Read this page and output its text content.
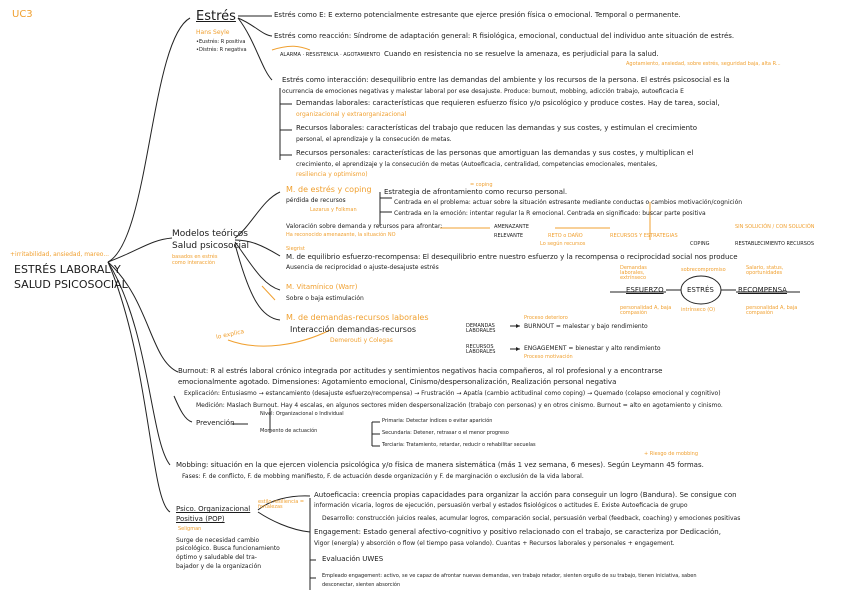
UC3
+irritabilidad, ansiedad, mareo...
ESTRÉS LABORAL Y
SALUD PSICOSOCIAL
Estrés
Hans Seyle
•Eustrés: R positiva
•Distrés: R negativa
Estrés como E: E externo potencialmente estresante que ejerce presión física o emocional. Temporal o permanente.
Estrés como reacción: Síndrome de adaptación general: R fisiológica, emocional, conductual del individuo ante situación de estrés.
ALARMA · RESISTENCIA · AGOTAMIENTO Cuando en resistencia no se resuelve la amenaza, es perjudicial para la salud.
Agotamiento, ansiedad, sobre estrés, seguridad baja, alta R...
Estrés como interacción: desequilibrio entre las demandas del ambiente y los recursos de la persona. El estrés psicosocial es la
ocurrencia de emociones negativas y malestar laboral por ese desajuste. Produce: burnout, mobbing, adicción trabajo, autoeficacia E
Demandas laborales: características que requieren esfuerzo físico y/o psicológico y produce costes. Hay de tarea, social,
organizacional y extraorganizacional
Recursos laborales: características del trabajo que reducen las demandas y sus costes, y estimulan el crecimiento
personal, el aprendizaje y la consecución de metas.
Recursos personales: características de las personas que amortiguan las demandas y sus costes, y multiplican el
crecimiento, el aprendizaje y la consecución de metas (Autoeficacia, centralidad, competencias emocionales, mentales,
resiliencia y optimismo)
Modelos teóricos
Salud psicosocial
basados en estrés como interacción
M. de estrés y coping
Lazarus y Folkman
pérdida de recursos
= coping
Estrategia de afrontamiento como recurso personal.
Centrada en el problema: actuar sobre la situación estresante mediante conductas o cambios motivación/cognición
Centrada en la emoción: intentar regular la R emocional. Centrada en significado: buscar parte positiva
Valoración sobre demanda y recursos para afrontar:
Ha reconocido amenazante, la situación NO
AMENAZANTE
RELEVANTE	RETO o DAÑO	RECURSOS Y ESTRATEGIAS
SIN SOLUCIÓN / CON SOLUCIÓN
Lo según recursos	COPING	RESTABLECIMIENTO RECURSOS
Siegrist
M. de equilibrio esfuerzo-recompensa: El desequilibrio entre nuestro esfuerzo y la recompensa o reciprocidad social nos produce
Ausencia de reciprocidad o ajuste-desajuste estrés
ESFUERZO	ESTRÉS	RECOMPENSA
Demandas laborales, extrínseco
sobrecompromiso	Salario, status, oportunidades
personalidad A, baja compasión	intrínseco (O)	personalidad A, baja compasión
M. Vitamínico (Warr)
Sobre o baja estimulación
M. de demandas-recursos laborales
Interacción demandas-recursos
Demerouti y Colegas
lo explica
DEMANDAS LABORALES
RECURSOS LABORALES
Proceso deterioro
BURNOUT = malestar y bajo rendimiento
ENGAGEMENT = bienestar y alto rendimiento
Proceso motivación
Burnout: R al estrés laboral crónico integrada por actitudes y sentimientos negativos hacia compañeros, al rol profesional y a encontrarse
emocionalmente agotado. Dimensiones: Agotamiento emocional, Cinismo/despersonalización, Realización personal negativa
Explicación: Entusiasmo → estancamiento (desajuste esfuerzo/recompensa) → Frustración → Apatía (cambio actitudinal como coping) → Quemado (colapso emocional y cognitivo)
Medición: Maslach Burnout. Hay 4 escalas, en algunos sectores miden despersonalización (trabajo con personas) y en otros cinismo. Burnout = alto en agotamiento y cinismo.
Nivel: Organizacional o Individual
Prevención
Momento de actuación
Primaria: Detectar índices o evitar aparición
Secundaria: Detener, retrasar o el menor progreso
Terciaria: Tratamiento, retardar, reducir o rehabilitar secuelas
+ Riesgo de mobbing
Mobbing: situación en la que ejercen violencia psicológica y/o física de manera sistemática (más 1 vez semana, 6 meses). Según Leymann 45 formas.
Fases: F. de conflicto, F. de mobbing manifiesto, F. de actuación desde organización y F. de marginación o exclusión de la vida laboral.
Psico. Organizacional
Positiva (POP)
Seligman
estilo resiliencia = fortalezas
Surge de necesidad cambio
psicológico. Busca funcionamiento
óptimo y saludable del tra-
bajador y de la organización
Autoeficacia: creencia propias capacidades para organizar la acción para conseguir un logro (Bandura). Se consigue con
información vicaria, logros de ejecución, persuasión verbal y estados fisiológicos o actitudes E. Existe Autoeficacia de grupo
Desarrollo: construcción juicios reales, acumular logros, comparación social, persuasión verbal (feedback, coaching) y emociones positivas
Engagement: Estado general afectivo-cognitivo y positivo relacionado con el trabajo, se caracteriza por Dedicación,
Vigor (energía) y absorción o flow (el tiempo pasa volando). Cuantas + Recursos laborales y personales + engagement.
Evaluación UWES
Empleado engagement: activo, se ve capaz de afrontar nuevas demandas, ven trabajo retador, sienten orgullo de su trabajo, tienen iniciativa, saben
desconectar, sienten absorción
